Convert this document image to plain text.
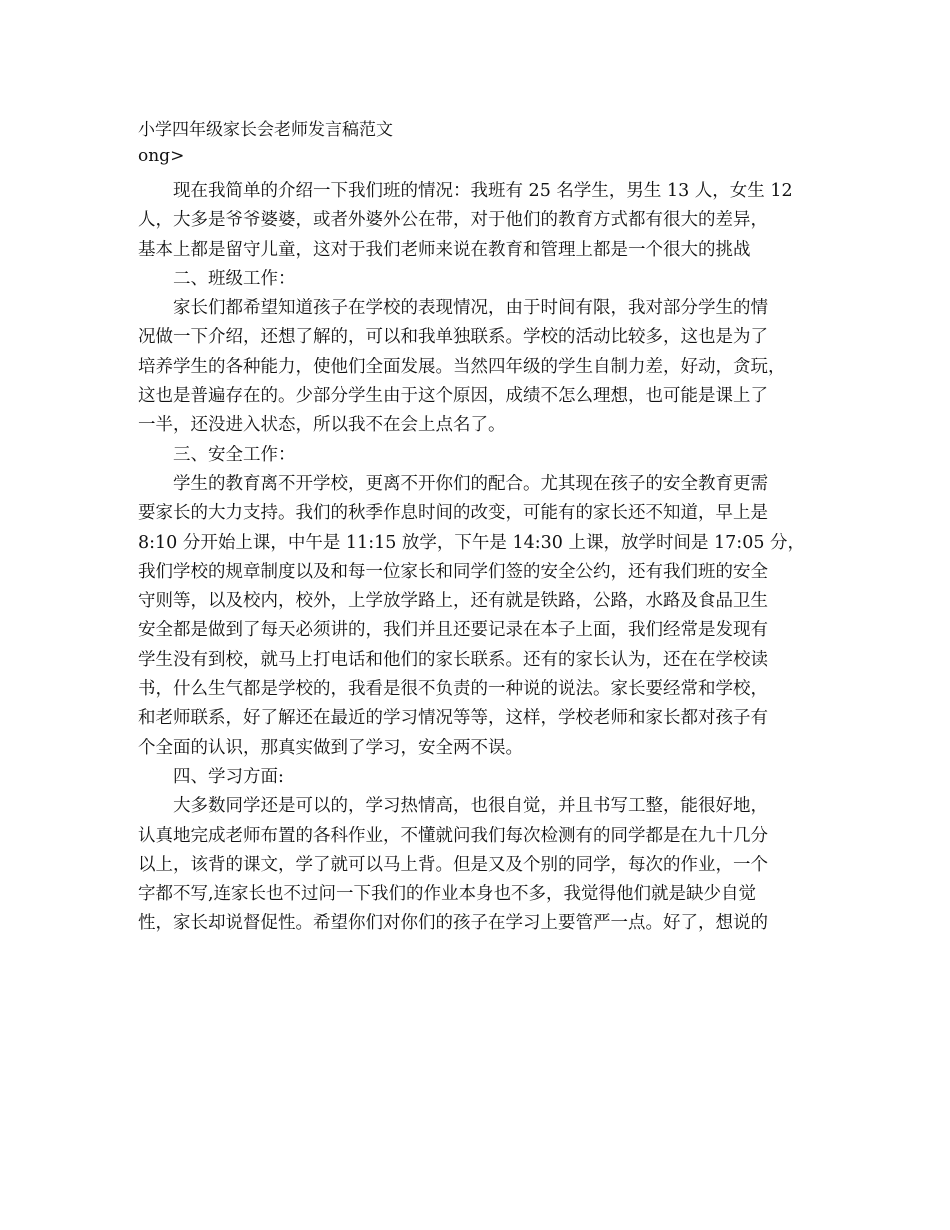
小学四年级家长会老师发言稿范文
ong>
　　现在我简单的介绍一下我们班的情况：我班有 25 名学生，男生 13 人，女生 12
人，大多是爷爷婆婆，或者外婆外公在带，对于他们的教育方式都有很大的差异，
基本上都是留守儿童，这对于我们老师来说在教育和管理上都是一个很大的挑战
二、班级工作：
　　家长们都希望知道孩子在学校的表现情况，由于时间有限，我对部分学生的情
况做一下介绍，还想了解的，可以和我单独联系。学校的活动比较多，这也是为了
培养学生的各种能力，使他们全面发展。当然四年级的学生自制力差，好动，贪玩，
这也是普遍存在的。少部分学生由于这个原因，成绩不怎么理想，也可能是课上了
一半，还没进入状态，所以我不在会上点名了。
三、安全工作：
　　学生的教育离不开学校，更离不开你们的配合。尤其现在孩子的安全教育更需
要家长的大力支持。我们的秋季作息时间的改变，可能有的家长还不知道，早上是
8:10 分开始上课，中午是 11:15 放学，下午是 14:30 上课，放学时间是 17:05 分，
我们学校的规章制度以及和每一位家长和同学们签的安全公约，还有我们班的安全
守则等，以及校内，校外，上学放学路上，还有就是铁路，公路，水路及食品卫生
安全都是做到了每天必须讲的，我们并且还要记录在本子上面，我们经常是发现有
学生没有到校，就马上打电话和他们的家长联系。还有的家长认为，还在在学校读
书，什么生气都是学校的，我看是很不负责的一种说的说法。家长要经常和学校，
和老师联系，好了解还在最近的学习情况等等，这样，学校老师和家长都对孩子有
个全面的认识，那真实做到了学习，安全两不误。
四、学习方面:
　　大多数同学还是可以的，学习热情高，也很自觉，并且书写工整，能很好地，
认真地完成老师布置的各科作业，不懂就问我们每次检测有的同学都是在九十几分
以上，该背的课文，学了就可以马上背。但是又及个别的同学，每次的作业，一个
字都不写,连家长也不过问一下我们的作业本身也不多，我觉得他们就是缺少自觉
性，家长却说督促性。希望你们对你们的孩子在学习上要管严一点。好了，想说的
